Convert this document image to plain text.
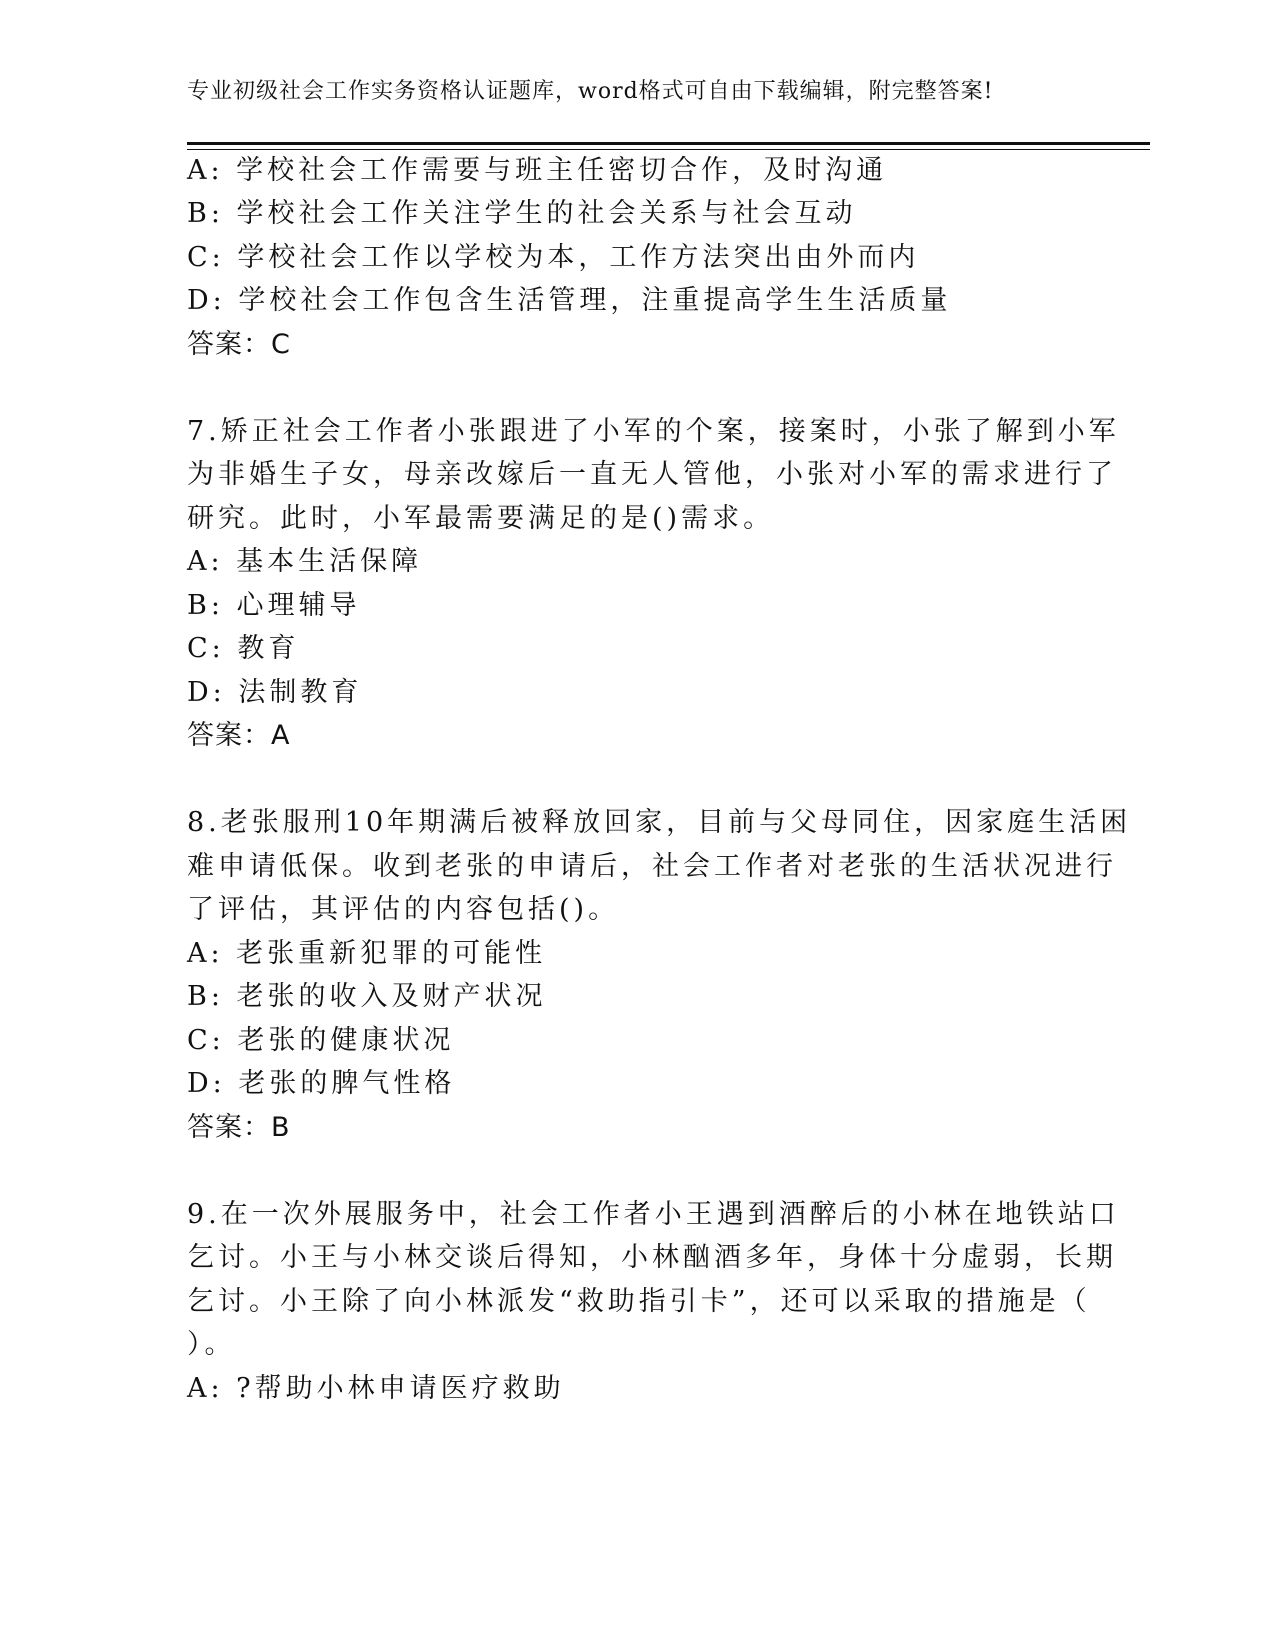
专业初级社会工作实务资格认证题库，word格式可自由下载编辑，附完整答案!
A: 学校社会工作需要与班主任密切合作，及时沟通
B: 学校社会工作关注学生的社会关系与社会互动
C: 学校社会工作以学校为本，工作方法突出由外而内
D: 学校社会工作包含生活管理，注重提高学生生活质量
答案：C
7.矫正社会工作者小张跟进了小军的个案，接案时，小张了解到小军
为非婚生子女，母亲改嫁后一直无人管他，小张对小军的需求进行了
研究。此时，小军最需要满足的是()需求。
A: 基本生活保障
B: 心理辅导
C: 教育
D: 法制教育
答案：A
8.老张服刑10年期满后被释放回家，目前与父母同住，因家庭生活困
难申请低保。收到老张的申请后，社会工作者对老张的生活状况进行
了评估，其评估的内容包括()。
A: 老张重新犯罪的可能性
B: 老张的收入及财产状况
C: 老张的健康状况
D: 老张的脾气性格
答案：B
9.在一次外展服务中，社会工作者小王遇到酒醉后的小林在地铁站口
乞讨。小王与小林交谈后得知，小林酗酒多年，身体十分虚弱，长期
乞讨。小王除了向小林派发“救助指引卡”，还可以采取的措施是（
）。
A: ?帮助小林申请医疗救助
